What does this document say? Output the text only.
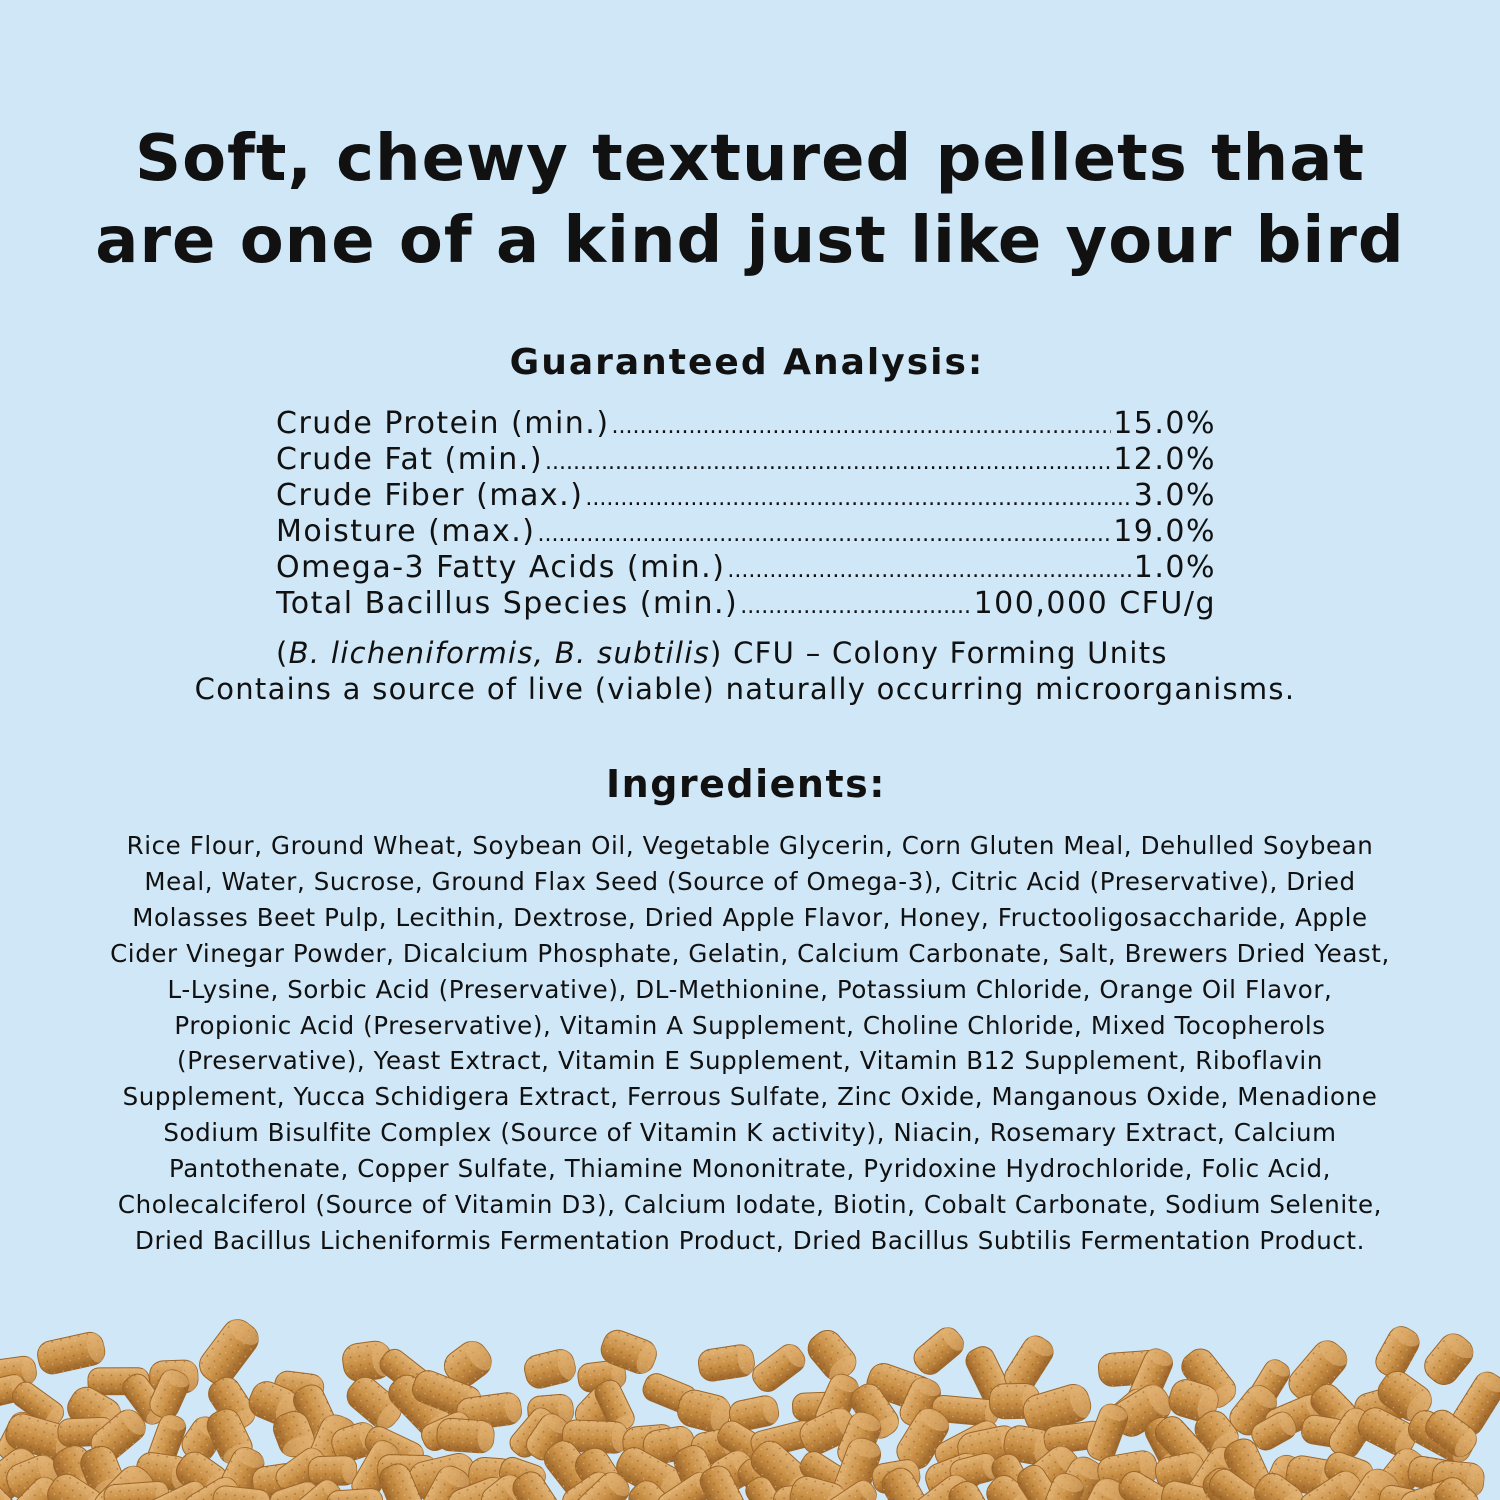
Soft, chewy textured pellets that
are one of a kind just like your bird
Guaranteed Analysis:
Crude Protein (min.) .....	15.0%
Crude Fat (min.) .....	12.0%
Crude Fiber (max.) .....	3.0%
Moisture (max.) .....	19.0%
Omega-3 Fatty Acids (min.) .....	1.0%
Total Bacillus Species (min.) .....	100,000 CFU/g

(B. licheniformis, B. subtilis) CFU – Colony Forming Units

Contains a source of live (viable) naturally occurring microorganisms.

Ingredients:

Rice Flour, Ground Wheat, Soybean Oil, Vegetable Glycerin, Corn Gluten Meal, Dehulled Soybean Meal, Water, Sucrose, Ground Flax Seed (Source of Omega-3), Citric Acid (Preservative), Dried Molasses Beet Pulp, Lecithin, Dextrose, Dried Apple Flavor, Honey, Fructooligosaccharide, Apple Cider Vinegar Powder, Dicalcium Phosphate, Gelatin, Calcium Carbonate, Salt, Brewers Dried Yeast, L-Lysine, Sorbic Acid (Preservative), DL-Methionine, Potassium Chloride, Orange Oil Flavor, Propionic Acid (Preservative), Vitamin A Supplement, Choline Chloride, Mixed Tocopherols (Preservative), Yeast Extract, Vitamin E Supplement, Vitamin B12 Supplement, Riboflavin Supplement, Yucca Schidigera Extract, Ferrous Sulfate, Zinc Oxide, Manganous Oxide, Menadione Sodium Bisulfite Complex (Source of Vitamin K activity), Niacin, Rosemary Extract, Calcium Pantothenate, Copper Sulfate, Thiamine Mononitrate, Pyridoxine Hydrochloride, Folic Acid, Cholecalciferol (Source of Vitamin D3), Calcium Iodate, Biotin, Cobalt Carbonate, Sodium Selenite, Dried Bacillus Licheniformis Fermentation Product, Dried Bacillus Subtilis Fermentation Product.
